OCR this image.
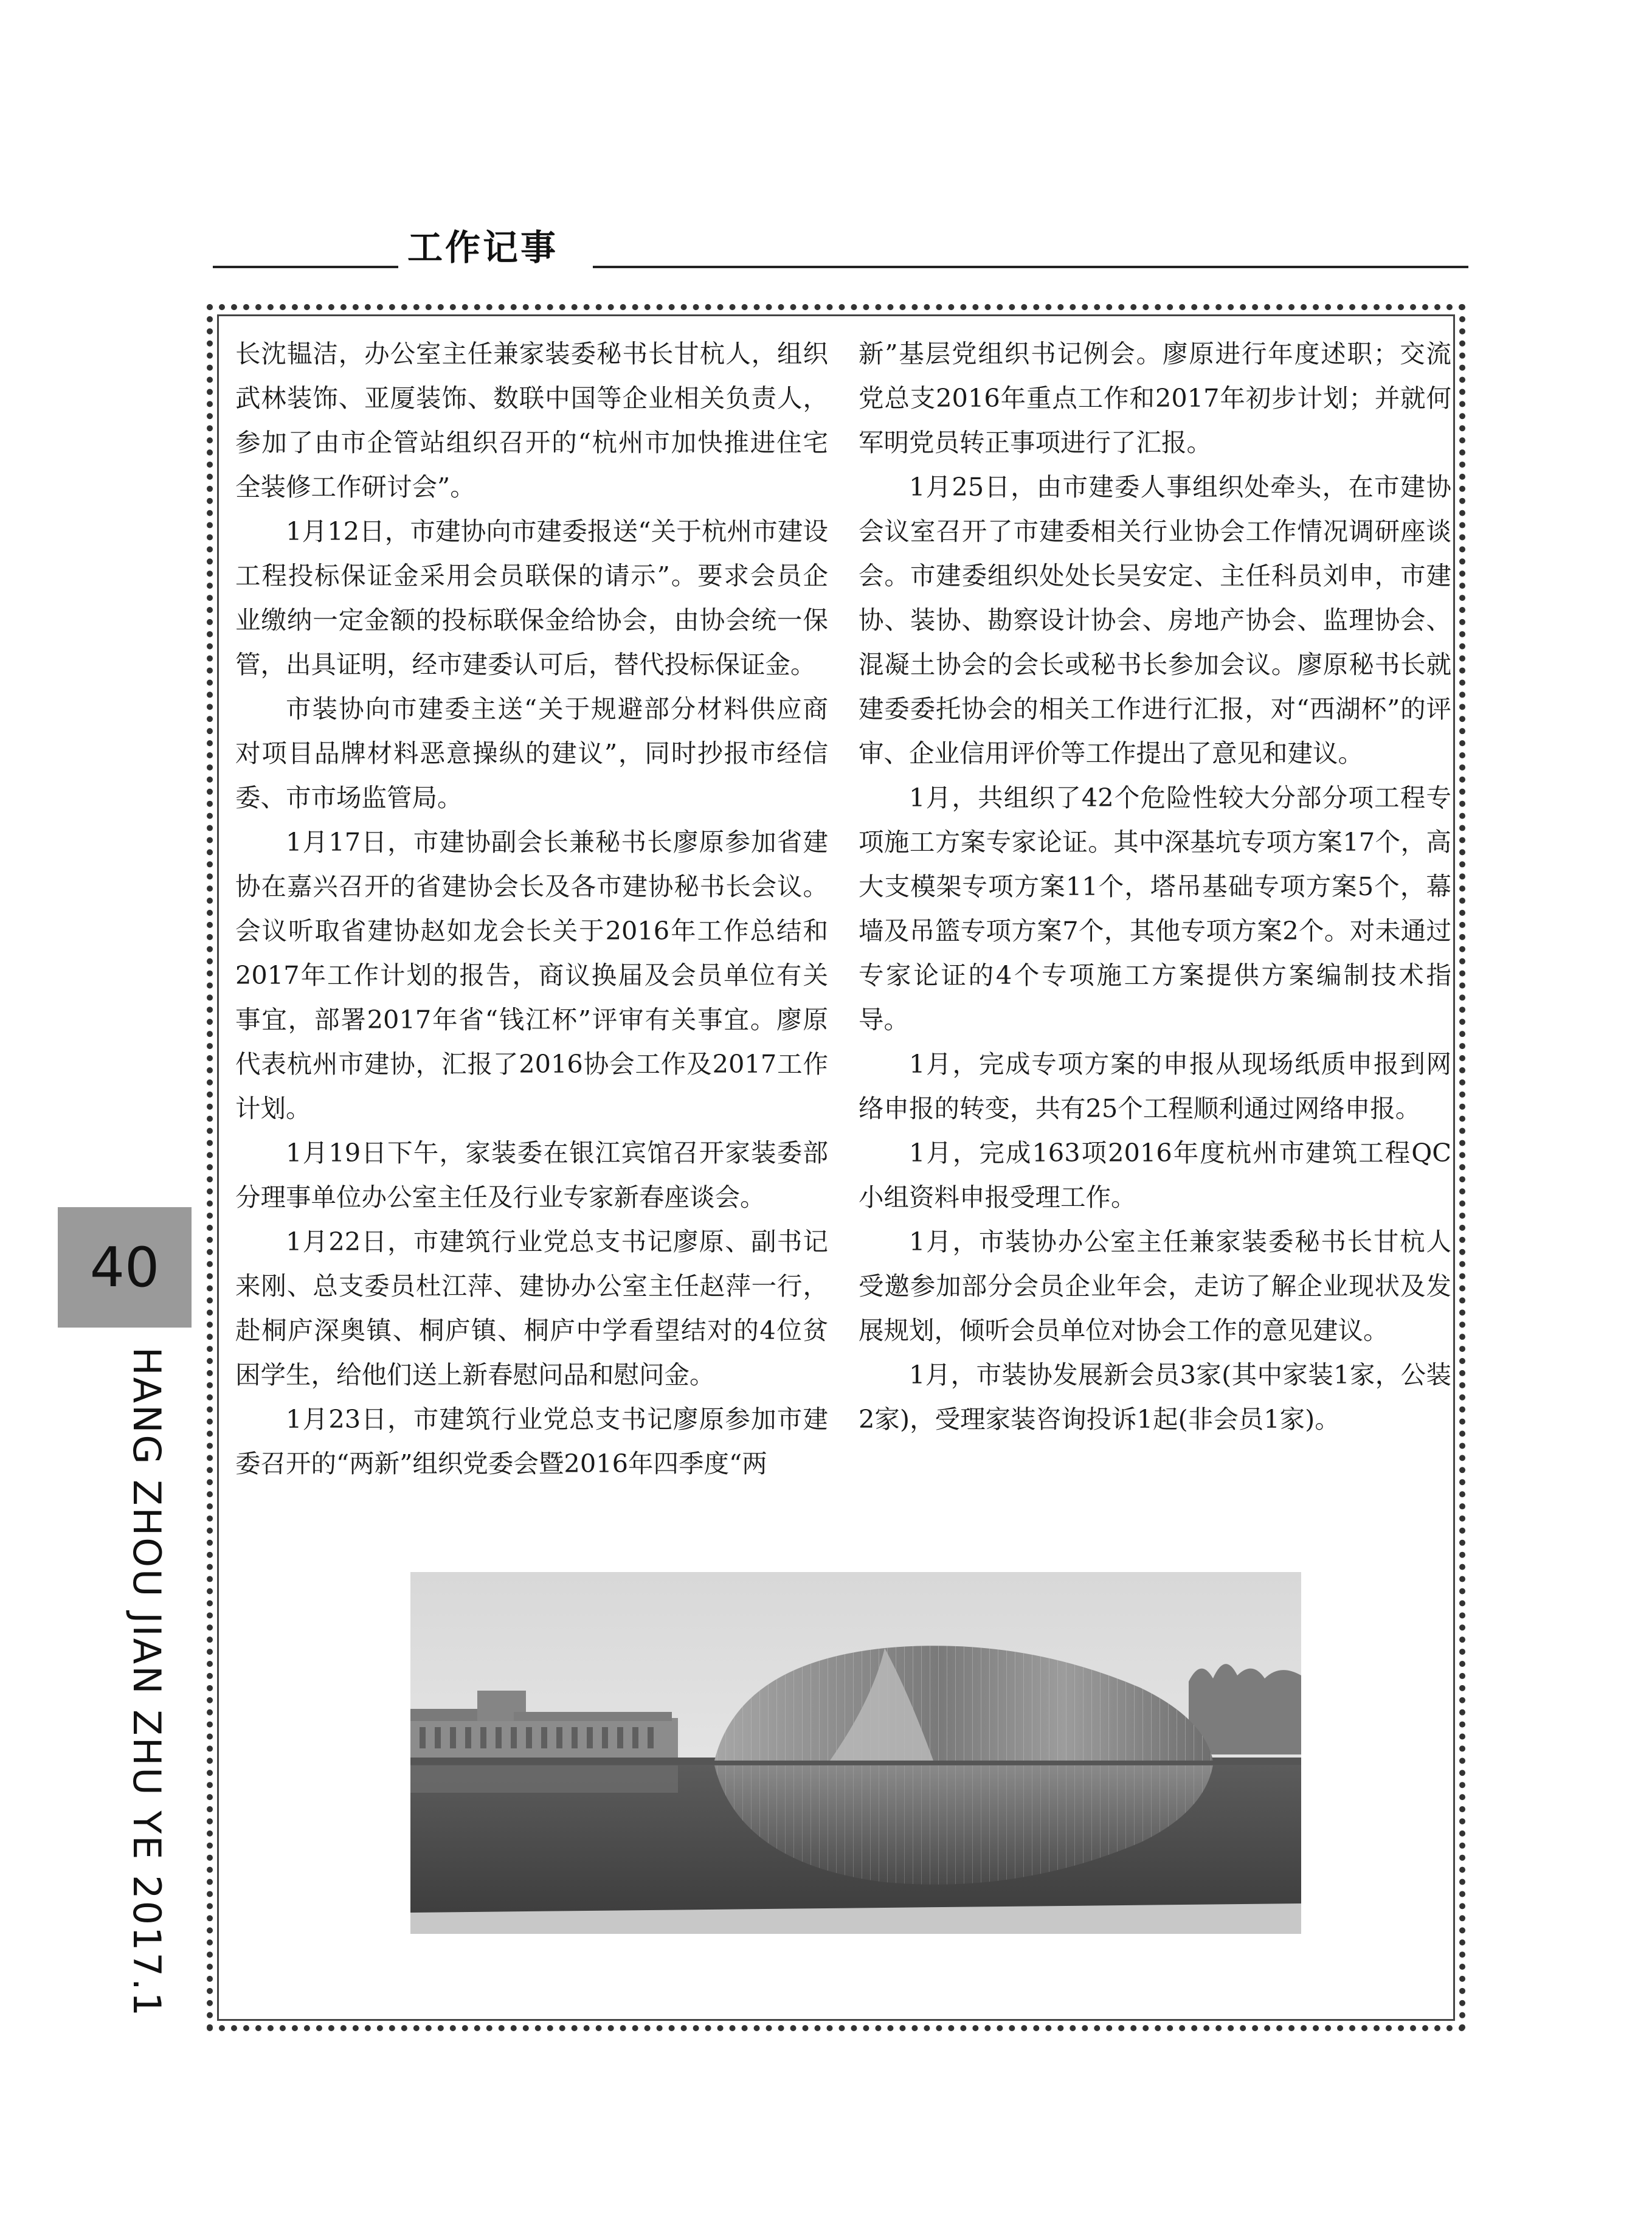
工作记事

长沈韫洁，办公室主任兼家装委秘书长甘杭人，组织武林装饰、亚厦装饰、数联中国等企业相关负责人，参加了由市企管站组织召开的“杭州市加快推进住宅全装修工作研讨会”。

1月12日，市建协向市建委报送“关于杭州市建设工程投标保证金采用会员联保的请示”。要求会员企业缴纳一定金额的投标联保金给协会，由协会统一保管，出具证明，经市建委认可后，替代投标保证金。

市装协向市建委主送“关于规避部分材料供应商对项目品牌材料恶意操纵的建议”，同时抄报市经信委、市市场监管局。

1月17日，市建协副会长兼秘书长廖原参加省建协在嘉兴召开的省建协会长及各市建协秘书长会议。会议听取省建协赵如龙会长关于2016年工作总结和2017年工作计划的报告，商议换届及会员单位有关事宜，部署2017年省“钱江杯”评审有关事宜。廖原代表杭州市建协，汇报了2016协会工作及2017工作计划。

1月19日下午，家装委在银江宾馆召开家装委部分理事单位办公室主任及行业专家新春座谈会。

1月22日，市建筑行业党总支书记廖原、副书记来刚、总支委员杜江萍、建协办公室主任赵萍一行，赴桐庐深奥镇、桐庐镇、桐庐中学看望结对的4位贫困学生，给他们送上新春慰问品和慰问金。

1月23日，市建筑行业党总支书记廖原参加市建委召开的“两新”组织党委会暨2016年四季度“两

新”基层党组织书记例会。廖原进行年度述职；交流党总支2016年重点工作和2017年初步计划；并就何军明党员转正事项进行了汇报。

1月25日，由市建委人事组织处牵头，在市建协会议室召开了市建委相关行业协会工作情况调研座谈会。市建委组织处处长吴安定、主任科员刘申，市建协、装协、勘察设计协会、房地产协会、监理协会、混凝土协会的会长或秘书长参加会议。廖原秘书长就建委委托协会的相关工作进行汇报，对“西湖杯”的评审、企业信用评价等工作提出了意见和建议。

1月，共组织了42个危险性较大分部分项工程专项施工方案专家论证。其中深基坑专项方案17个，高大支模架专项方案11个，塔吊基础专项方案5个，幕墙及吊篮专项方案7个，其他专项方案2个。对未通过专家论证的4个专项施工方案提供方案编制技术指导。

1月，完成专项方案的申报从现场纸质申报到网络申报的转变，共有25个工程顺利通过网络申报。

1月，完成163项2016年度杭州市建筑工程QC小组资料申报受理工作。

1月，市装协办公室主任兼家装委秘书长甘杭人受邀参加部分会员企业年会，走访了解企业现状及发展规划，倾听会员单位对协会工作的意见建议。

1月，市装协发展新会员3家(其中家装1家，公装2家)，受理家装咨询投诉1起(非会员1家)。

40
HANG ZHOU JIAN ZHU YE 2017.1
